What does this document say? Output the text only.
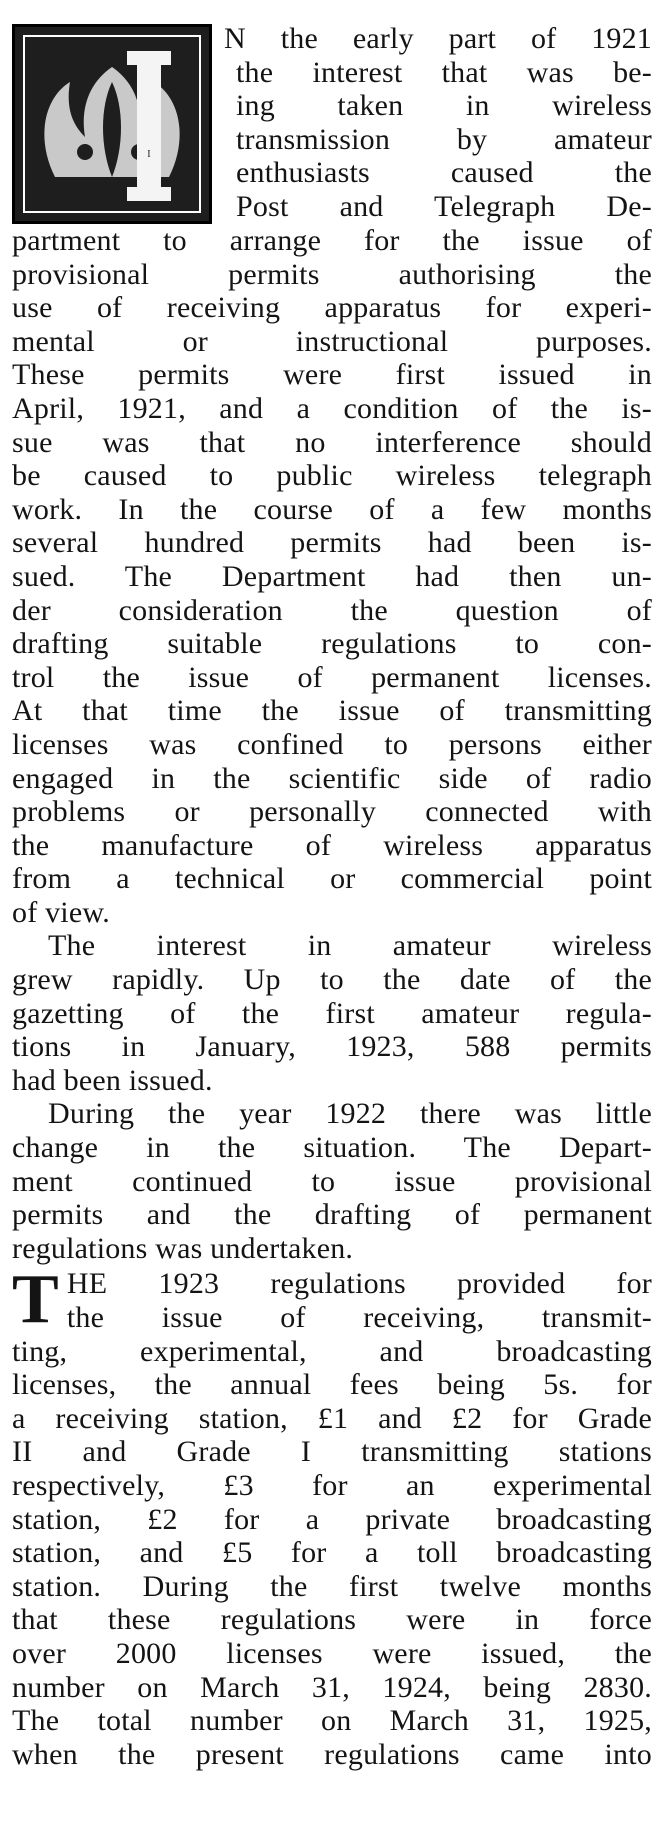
I
N the early part of 1921
the interest that was be-
ing taken in wireless
transmission by amateur
enthusiasts caused the
Post and Telegraph De-
partment to arrange for the issue of
provisional permits authorising the
use of receiving apparatus for experi-
mental or instructional purposes.
These permits were first issued in
April, 1921, and a condition of the is-
sue was that no interference should
be caused to public wireless telegraph
work. In the course of a few months
several hundred permits had been is-
sued. The Department had then un-
der consideration the question of
drafting suitable regulations to con-
trol the issue of permanent licenses.
At that time the issue of transmitting
licenses was confined to persons either
engaged in the scientific side of radio
problems or personally connected with
the manufacture of wireless apparatus
from a technical or commercial point
of view.
The interest in amateur wireless
grew rapidly. Up to the date of the
gazetting of the first amateur regula-
tions in January, 1923, 588 permits
had been issued.
During the year 1922 there was little
change in the situation. The Depart-
ment continued to issue provisional
permits and the drafting of permanent
regulations was undertaken.
T HE 1923 regulations provided for
the issue of receiving, transmit-
ting, experimental, and broadcasting
licenses, the annual fees being 5s. for
a receiving station, £1 and £2 for Grade
II and Grade I transmitting stations
respectively, £3 for an experimental
station, £2 for a private broadcasting
station, and £5 for a toll broadcasting
station. During the first twelve months
that these regulations were in force
over 2000 licenses were issued, the
number on March 31, 1924, being 2830.
The total number on March 31, 1925,
when the present regulations came into
